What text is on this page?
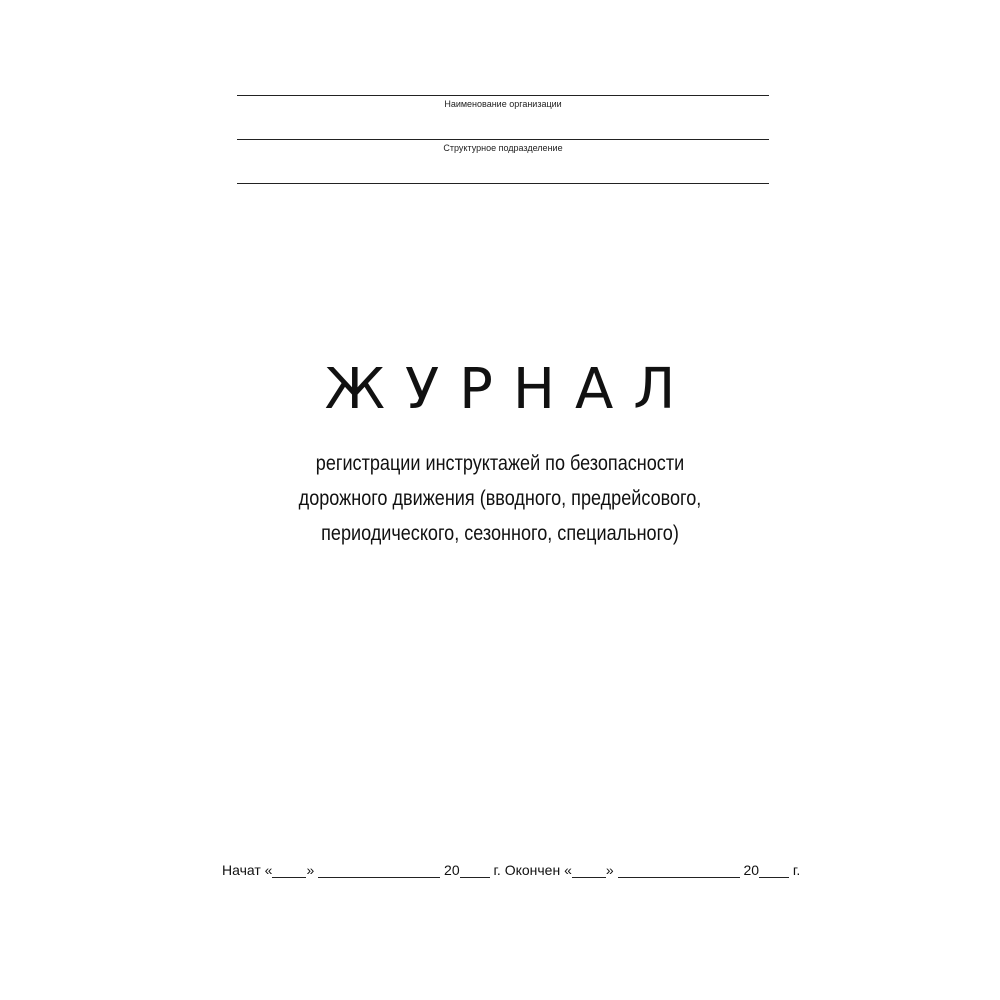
Наименование организации
Структурное подразделение
ЖУРНАЛ
регистрации инструктажей по безопасности
дорожного движения (вводного, предрейсового,
периодического, сезонного, специального)
Начат « »	20 г. Окончен « »	20 г.
